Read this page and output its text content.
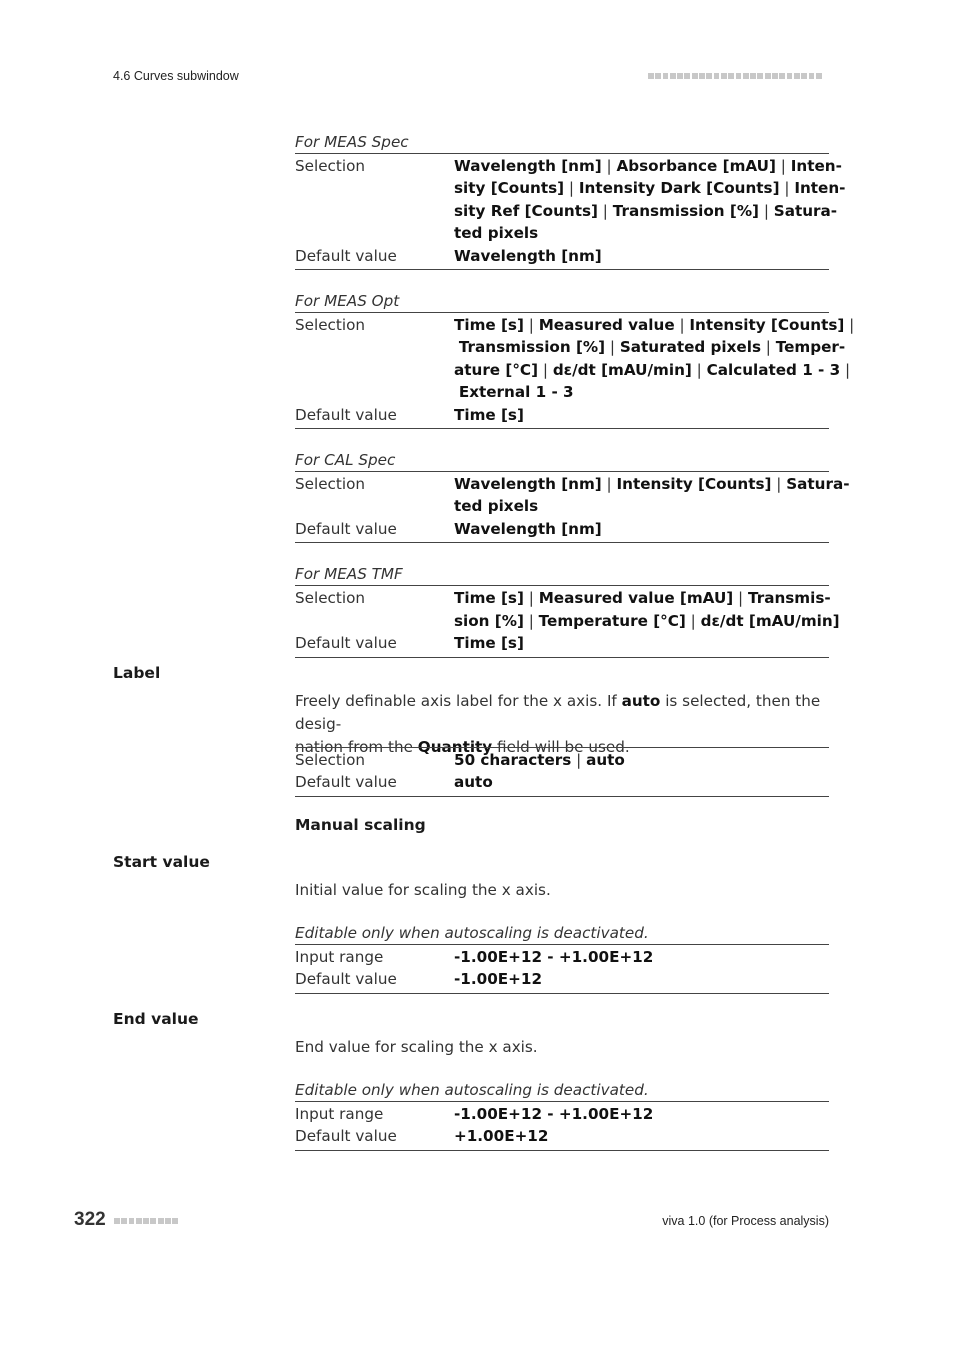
4.6 Curves subwindow
For MEAS Spec
Selection	Wavelength [nm] | Absorbance [mAU] | Inten-
sity [Counts] | Intensity Dark [Counts] | Inten-
sity Ref [Counts] | Transmission [%] | Satura-
ted pixels
Default value	Wavelength [nm]
For MEAS Opt
Selection	Time [s] | Measured value | Intensity [Counts] |
Transmission [%] | Saturated pixels | Temper-
ature [°C] | dε/dt [mAU/min] | Calculated 1 - 3 |
External 1 - 3
Default value	Time [s]
For CAL Spec
Selection	Wavelength [nm] | Intensity [Counts] | Satura-
ted pixels
Default value	Wavelength [nm]
For MEAS TMF
Selection	Time [s] | Measured value [mAU] | Transmis-
sion [%] | Temperature [°C] | dε/dt [mAU/min]
Default value	Time [s]
Label
Freely definable axis label for the x axis. If auto is selected, then the desig-
nation from the Quantity field will be used.
Selection	50 characters | auto
Default value	auto
Manual scaling
Start value
Initial value for scaling the x axis.
Editable only when autoscaling is deactivated.
Input range	-1.00E+12 - +1.00E+12
Default value	-1.00E+12
End value
End value for scaling the x axis.
Editable only when autoscaling is deactivated.
Input range	-1.00E+12 - +1.00E+12
Default value	+1.00E+12
322	viva 1.0 (for Process analysis)
